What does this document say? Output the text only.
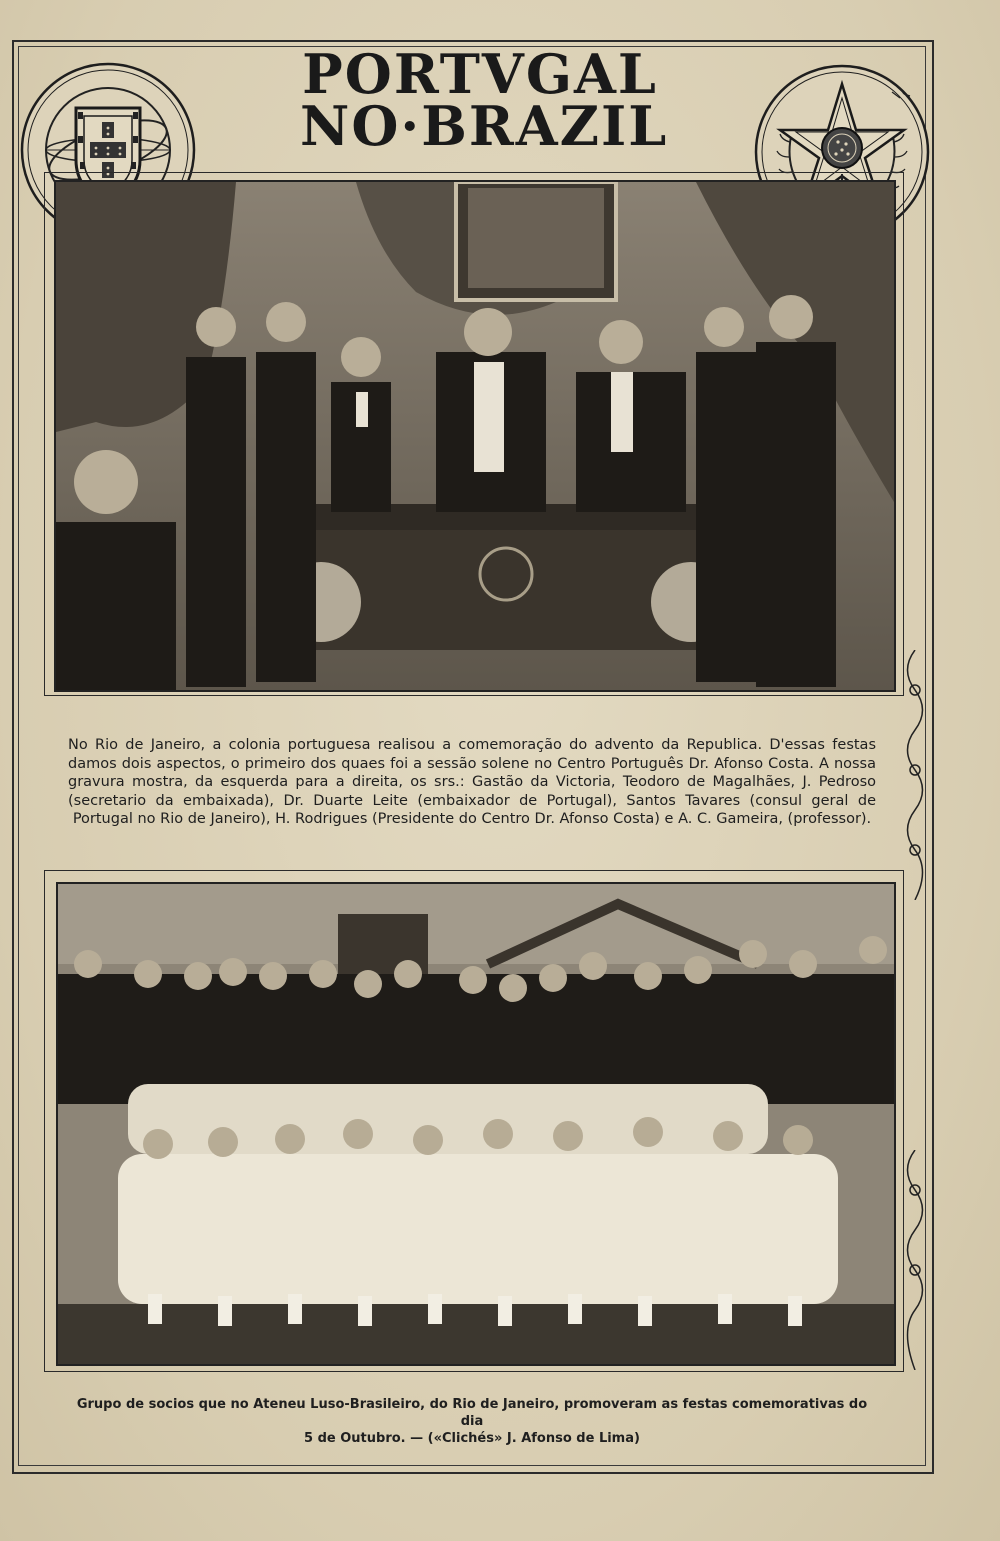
PORTVGAL
NO·BRAZIL
No Rio de Janeiro, a colonia portuguesa realisou a comemoração do advento da Republica. D'essas festas damos dois aspectos, o primeiro dos quaes foi a sessão solene no Centro Português Dr. Afonso Costa. A nossa gravura mostra, da esquerda para a direita, os srs.: Gastão da Victoria, Teodoro de Magalhães, J. Pedroso (secretario da embaixada), Dr. Duarte Leite (embaixador de Portugal), Santos Tavares (consul geral de Portugal no Rio de Janeiro), H. Rodrigues (Presidente do Centro Dr. Afonso Costa) e A. C. Gameira, (professor).
Grupo de socios que no Ateneu Luso-Brasileiro, do Rio de Janeiro, promoveram as festas comemorativas do dia
5 de Outubro. — («Clichés» J. Afonso de Lima)
